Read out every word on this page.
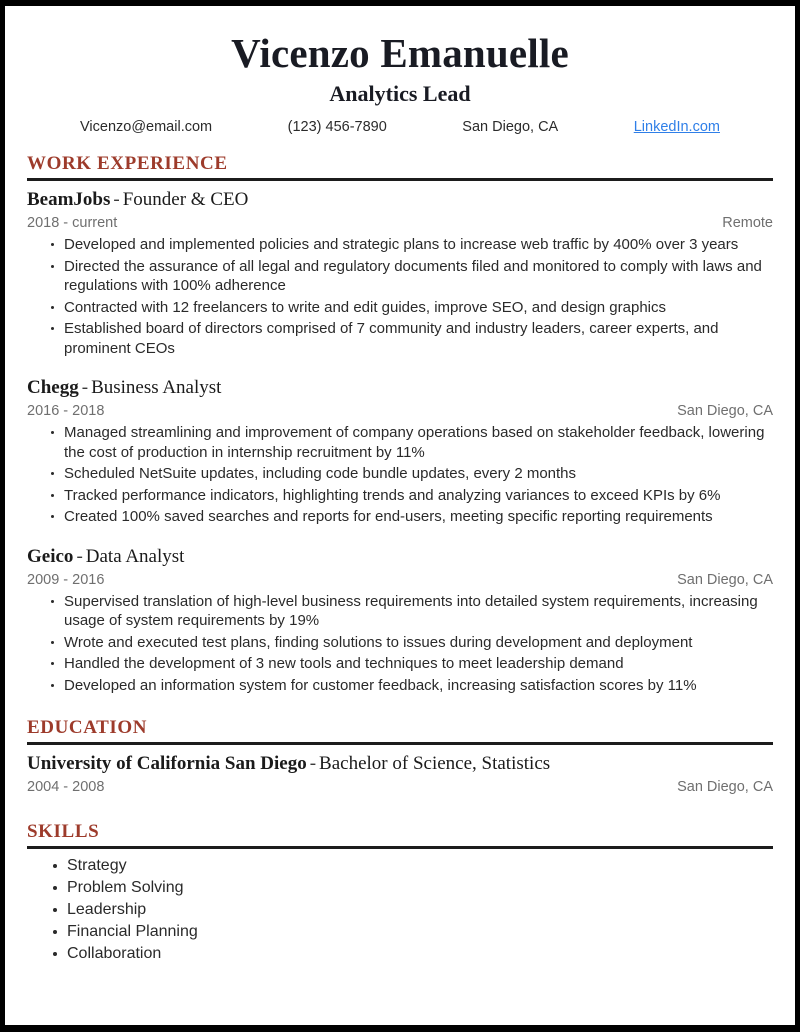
Vicenzo Emanuelle
Analytics Lead
Vicenzo@email.com	(123) 456-7890	San Diego, CA	LinkedIn.com
WORK EXPERIENCE
BeamJobs - Founder & CEO
2018 - current	Remote
Developed and implemented policies and strategic plans to increase web traffic by 400% over 3 years
Directed the assurance of all legal and regulatory documents filed and monitored to comply with laws and regulations with 100% adherence
Contracted with 12 freelancers to write and edit guides, improve SEO, and design graphics
Established board of directors comprised of 7 community and industry leaders, career experts, and prominent CEOs
Chegg - Business Analyst
2016 - 2018	San Diego, CA
Managed streamlining and improvement of company operations based on stakeholder feedback, lowering the cost of production in internship recruitment by 11%
Scheduled NetSuite updates, including code bundle updates, every 2 months
Tracked performance indicators, highlighting trends and analyzing variances to exceed KPIs by 6%
Created 100% saved searches and reports for end-users, meeting specific reporting requirements
Geico - Data Analyst
2009 - 2016	San Diego, CA
Supervised translation of high-level business requirements into detailed system requirements, increasing usage of system requirements by 19%
Wrote and executed test plans, finding solutions to issues during development and deployment
Handled the development of 3 new tools and techniques to meet leadership demand
Developed an information system for customer feedback, increasing satisfaction scores by 11%
EDUCATION
University of California San Diego - Bachelor of Science, Statistics
2004 - 2008	San Diego, CA
SKILLS
Strategy
Problem Solving
Leadership
Financial Planning
Collaboration
